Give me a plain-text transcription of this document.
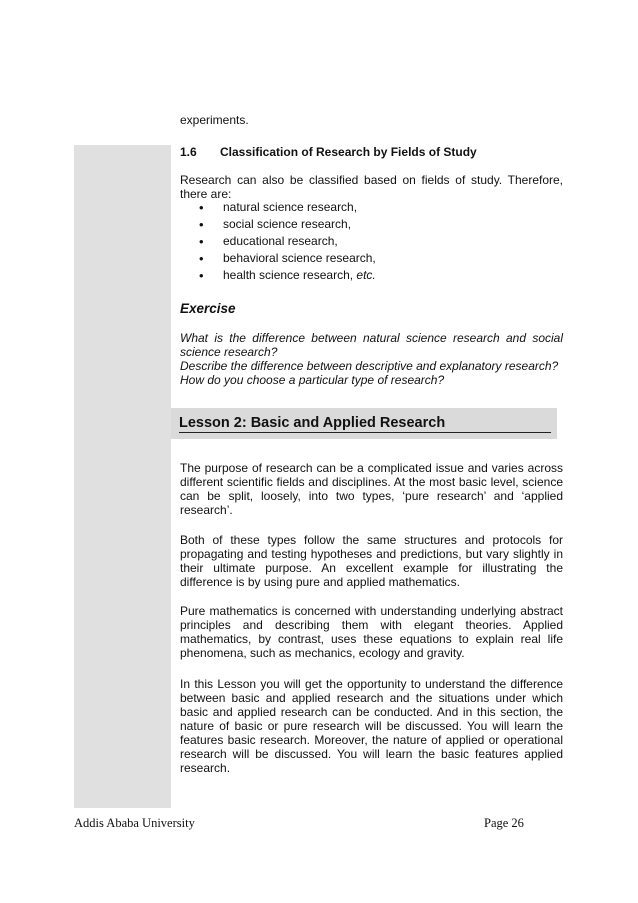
experiments.
1.6 Classification of Research by Fields of Study
Research can also be classified based on fields of study. Therefore, there are:
• natural science research,
• social science research,
• educational research,
• behavioral science research,
• health science research, etc.
Exercise
What is the difference between natural science research and social science research?
Describe the difference between descriptive and explanatory research?
How do you choose a particular type of research?
Lesson 2: Basic and Applied Research
The purpose of research can be a complicated issue and varies across different scientific fields and disciplines. At the most basic level, science can be split, loosely, into two types, ‘pure research’ and ‘applied research’.
Both of these types follow the same structures and protocols for propagating and testing hypotheses and predictions, but vary slightly in their ultimate purpose. An excellent example for illustrating the difference is by using pure and applied mathematics.
Pure mathematics is concerned with understanding underlying abstract principles and describing them with elegant theories. Applied mathematics, by contrast, uses these equations to explain real life phenomena, such as mechanics, ecology and gravity.
In this Lesson you will get the opportunity to understand the difference between basic and applied research and the situations under which basic and applied research can be conducted. And in this section, the nature of basic or pure research will be discussed. You will learn the features basic research. Moreover, the nature of applied or operational research will be discussed. You will learn the basic features applied research.
Addis Ababa University	Page 26
